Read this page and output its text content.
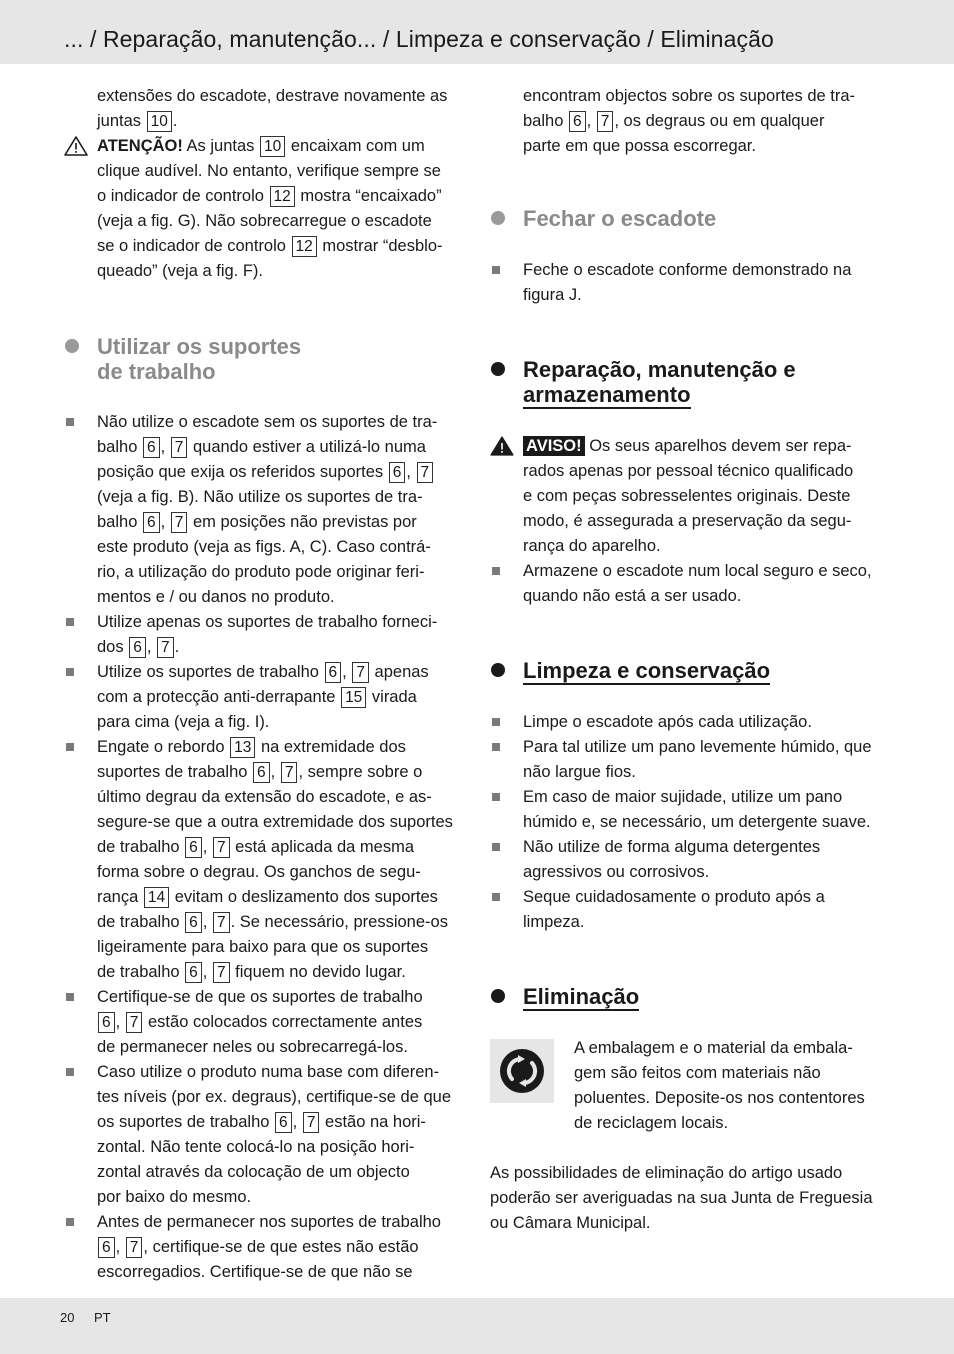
... / Reparação, manutenção... / Limpeza e conservação / Eliminação
extensões do escadote, destrave novamente as
juntas 10 .
ATENÇÃO! As juntas 10 encaixam com um
clique audível. No entanto, verifique sempre se
o indicador de controlo 12 mostra “encaixado”
(veja a fig. G). Não sobrecarregue o escadote
se o indicador de controlo 12 mostrar “desblo-
queado” (veja a fig. F).
Utilizar os suportes
de trabalho
Não utilize o escadote sem os suportes de tra-
balho 6 , 7 quando estiver a utilizá-lo numa
posição que exija os referidos suportes 6 , 7
(veja a fig. B). Não utilize os suportes de tra-
balho 6 , 7 em posições não previstas por
este produto (veja as figs. A, C). Caso contrá-
rio, a utilização do produto pode originar feri-
mentos e / ou danos no produto.
Utilize apenas os suportes de trabalho forneci-
dos 6 , 7 .
Utilize os suportes de trabalho 6 , 7 apenas
com a protecção anti-derrapante 15 virada
para cima (veja a fig. I).
Engate o rebordo 13 na extremidade dos
suportes de trabalho 6 , 7 , sempre sobre o
último degrau da extensão do escadote, e as-
segure-se que a outra extremidade dos suportes
de trabalho 6 , 7 está aplicada da mesma
forma sobre o degrau. Os ganchos de segu-
rança 14 evitam o deslizamento dos suportes
de trabalho 6 , 7 . Se necessário, pressione-os
ligeiramente para baixo para que os suportes
de trabalho 6 , 7 fiquem no devido lugar.
Certifique-se de que os suportes de trabalho
6 , 7 estão colocados correctamente antes
de permanecer neles ou sobrecarregá-los.
Caso utilize o produto numa base com diferen-
tes níveis (por ex. degraus), certifique-se de que
os suportes de trabalho 6 , 7 estão na hori-
zontal. Não tente colocá-lo na posição hori-
zontal através da colocação de um objecto
por baixo do mesmo.
Antes de permanecer nos suportes de trabalho
6 , 7 , certifique-se de que estes não estão
escorregadios. Certifique-se de que não se
encontram objectos sobre os suportes de tra-
balho 6 , 7 , os degraus ou em qualquer
parte em que possa escorregar.
Fechar o escadote
Feche o escadote conforme demonstrado na
figura J.
Reparação, manutenção e
armazenamento
AVISO! Os seus aparelhos devem ser repa-
rados apenas por pessoal técnico qualificado
e com peças sobresselentes originais. Deste
modo, é assegurada a preservação da segu-
rança do aparelho.
Armazene o escadote num local seguro e seco,
quando não está a ser usado.
Limpeza e conservação
Limpe o escadote após cada utilização.
Para tal utilize um pano levemente húmido, que
não largue fios.
Em caso de maior sujidade, utilize um pano
húmido e, se necessário, um detergente suave.
Não utilize de forma alguma detergentes
agressivos ou corrosivos.
Seque cuidadosamente o produto após a
limpeza.
Eliminação

A embalagem e o material da embala-
gem são feitos com materiais não
poluentes. Deposite-os nos contentores
de reciclagem locais.

As possibilidades de eliminação do artigo usado
poderão ser averiguadas na sua Junta de Freguesia
ou Câmara Municipal.

20 PT
